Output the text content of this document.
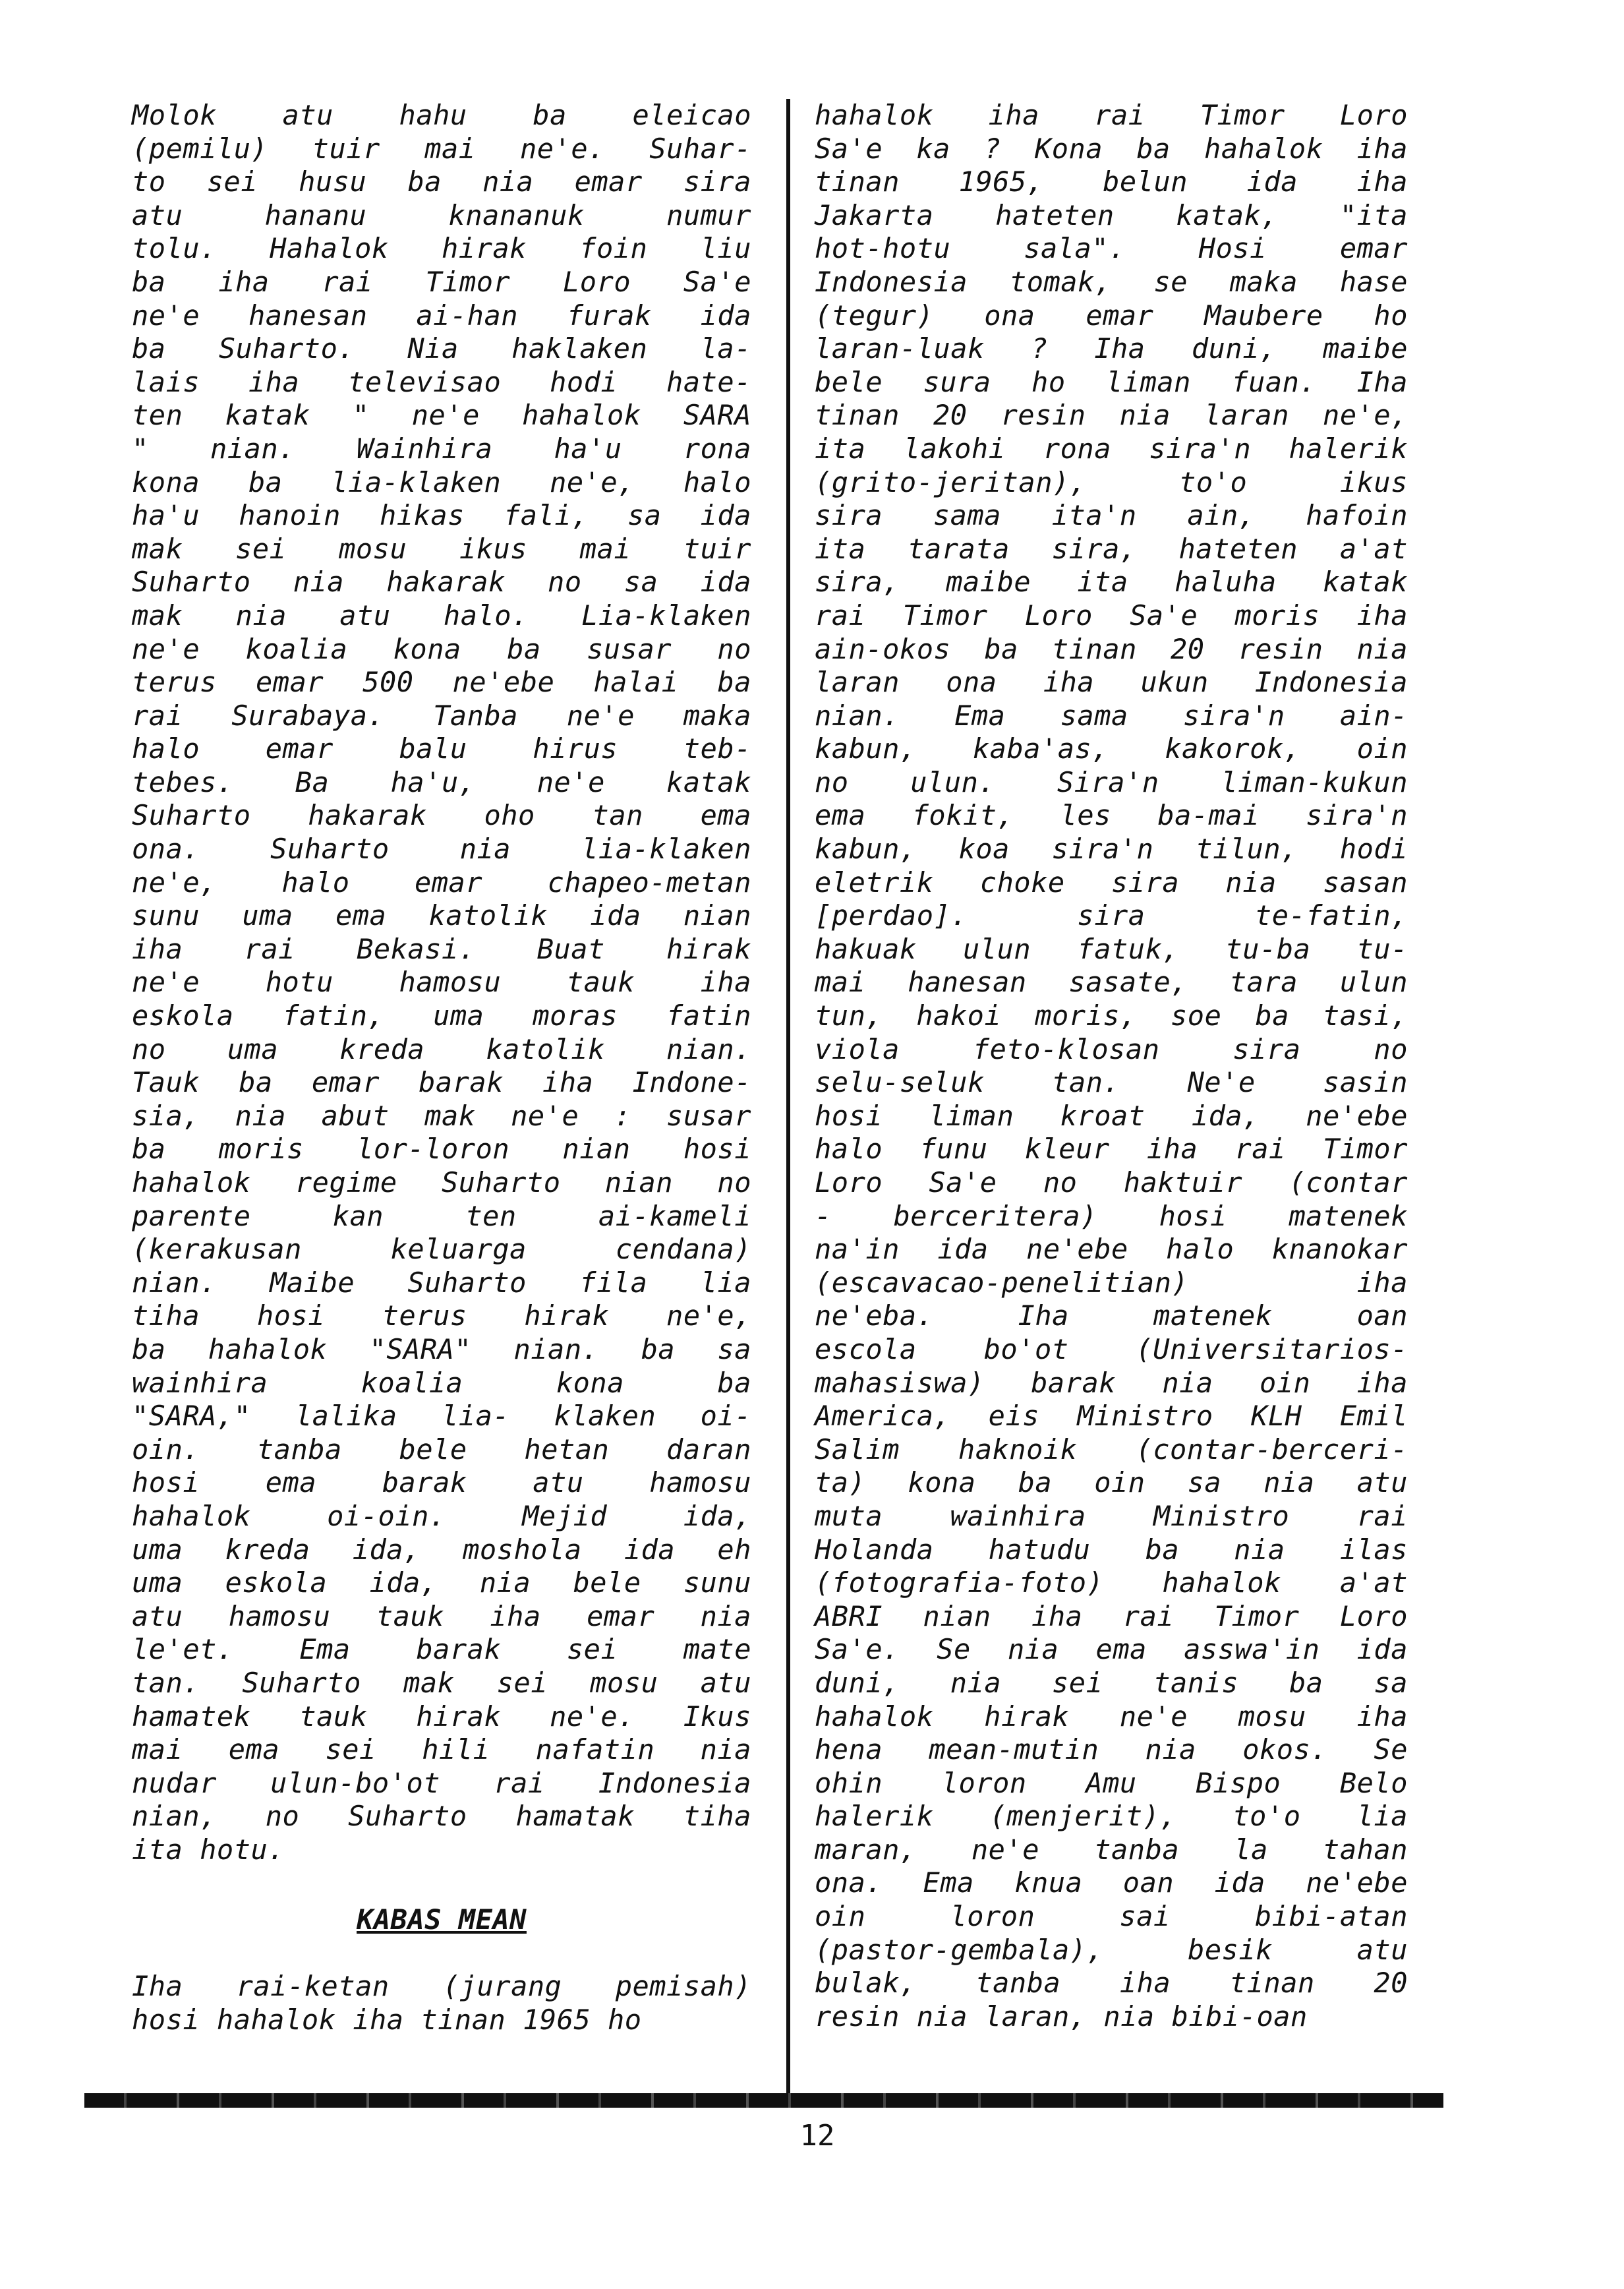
Molok atu hahu ba eleicao
(pemilu) tuir mai ne'e. Suhar-
to sei husu ba nia emar sira
atu hananu knananuk numur
tolu. Hahalok hirak foin liu
ba iha rai Timor Loro Sa'e
ne'e hanesan ai-han furak ida
ba Suharto. Nia haklaken la-
lais iha televisao hodi hate-
ten katak " ne'e hahalok SARA
" nian. Wainhira ha'u rona
kona ba lia-klaken ne'e, halo
ha'u hanoin hikas fali, sa ida
mak sei mosu ikus mai tuir
Suharto nia hakarak no sa ida
mak nia atu halo. Lia-klaken
ne'e koalia kona ba susar no
terus emar 500 ne'ebe halai ba
rai Surabaya. Tanba ne'e maka
halo emar balu hirus teb-
tebes. Ba ha'u, ne'e katak
Suharto hakarak oho tan ema
ona. Suharto nia lia-klaken
ne'e, halo emar chapeo-metan
sunu uma ema katolik ida nian
iha rai Bekasi. Buat hirak
ne'e hotu hamosu tauk iha
eskola fatin, uma moras fatin
no uma kreda katolik nian.
Tauk ba emar barak iha Indone-
sia, nia abut mak ne'e : susar
ba moris lor-loron nian hosi
hahalok regime Suharto nian no
parente kan ten ai-kameli
(kerakusan keluarga cendana)
nian. Maibe Suharto fila lia
tiha hosi terus hirak ne'e,
ba hahalok "SARA" nian. ba sa
wainhira koalia kona ba
"SARA," lalika lia- klaken oi-
oin. tanba bele hetan daran
hosi ema barak atu hamosu
hahalok oi-oin. Mejid ida,
uma kreda ida, moshola ida eh
uma eskola ida, nia bele sunu
atu hamosu tauk iha emar nia
le'et. Ema barak sei mate
tan. Suharto mak sei mosu atu
hamatek tauk hirak ne'e. Ikus
mai ema sei hili nafatin nia
nudar ulun-bo'ot rai Indonesia
nian, no Suharto hamatak tiha
ita hotu.
KABAS MEAN
Iha rai-ketan (jurang pemisah)
hosi hahalok iha tinan 1965 ho
hahalok iha rai Timor Loro
Sa'e ka ? Kona ba hahalok iha
tinan 1965, belun ida iha
Jakarta hateten katak, "ita
hot-hotu sala". Hosi emar
Indonesia tomak, se maka hase
(tegur) ona emar Maubere ho
laran-luak ? Iha duni, maibe
bele sura ho liman fuan. Iha
tinan 20 resin nia laran ne'e,
ita lakohi rona sira'n halerik
(grito-jeritan), to'o ikus
sira sama ita'n ain, hafoin
ita tarata sira, hateten a'at
sira, maibe ita haluha katak
rai Timor Loro Sa'e moris iha
ain-okos ba tinan 20 resin nia
laran ona iha ukun Indonesia
nian. Ema sama sira'n ain-
kabun, kaba'as, kakorok, oin
no ulun. Sira'n liman-kukun
ema fokit, les ba-mai sira'n
kabun, koa sira'n tilun, hodi
eletrik choke sira nia sasan
[perdao]. sira te-fatin,
hakuak ulun fatuk, tu-ba tu-
mai hanesan sasate, tara ulun
tun, hakoi moris, soe ba tasi,
viola feto-klosan sira no
selu-seluk tan. Ne'e sasin
hosi liman kroat ida, ne'ebe
halo funu kleur iha rai Timor
Loro Sa'e no haktuir (contar
- berceritera) hosi matenek
na'in ida ne'ebe halo knanokar
(escavacao-penelitian) iha
ne'eba. Iha matenek oan
escola bo'ot (Universitarios-
mahasiswa) barak nia oin iha
America, eis Ministro KLH Emil
Salim haknoik (contar-berceri-
ta) kona ba oin sa nia atu
muta wainhira Ministro rai
Holanda hatudu ba nia ilas
(fotografia-foto) hahalok a'at
ABRI nian iha rai Timor Loro
Sa'e. Se nia ema asswa'in ida
duni, nia sei tanis ba sa
hahalok hirak ne'e mosu iha
hena mean-mutin nia okos. Se
ohin loron Amu Bispo Belo
halerik (menjerit), to'o lia
maran, ne'e tanba la tahan
ona. Ema knua oan ida ne'ebe
oin loron sai bibi-atan
(pastor-gembala), besik atu
bulak, tanba iha tinan 20
resin nia laran, nia bibi-oan
12
